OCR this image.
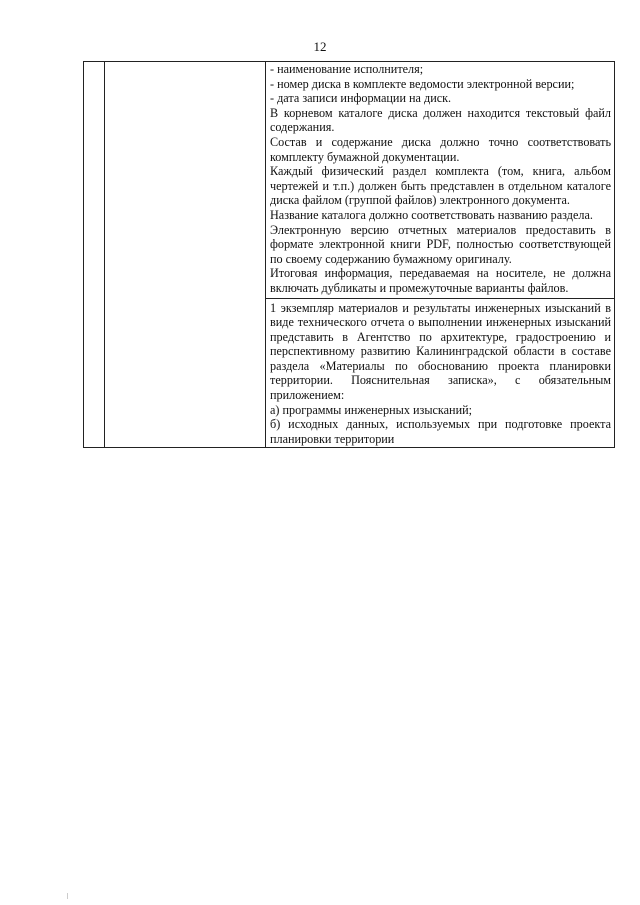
12

- наименование исполнителя;

- номер диска в комплекте ведомости электронной версии;

- дата записи информации на диск.

В корневом каталоге диска должен находится текстовый файл содержания.

Состав и содержание диска должно точно соответствовать комплекту бумажной документации.

Каждый физический раздел комплекта (том, книга, альбом чертежей и т.п.) должен быть представлен в отдельном каталоге диска файлом (группой файлов) электронного документа.

Название каталога должно соответствовать названию раздела.

Электронную версию отчетных материалов предоставить в формате электронной книги PDF, полностью соответствующей по своему содержанию бумажному оригиналу.

Итоговая информация, передаваемая на носителе, не должна включать дубликаты и промежуточные варианты файлов.

1 экземпляр материалов и результаты инженерных изысканий в виде технического отчета о выполнении инженерных изысканий представить в Агентство по архитектуре, градостроению и перспективному развитию Калининградской области в составе раздела «Материалы по обоснованию проекта планировки территории. Пояснительная записка», с обязательным приложением:

а) программы инженерных изысканий;

б) исходных данных, используемых при подготовке проекта планировки территории
